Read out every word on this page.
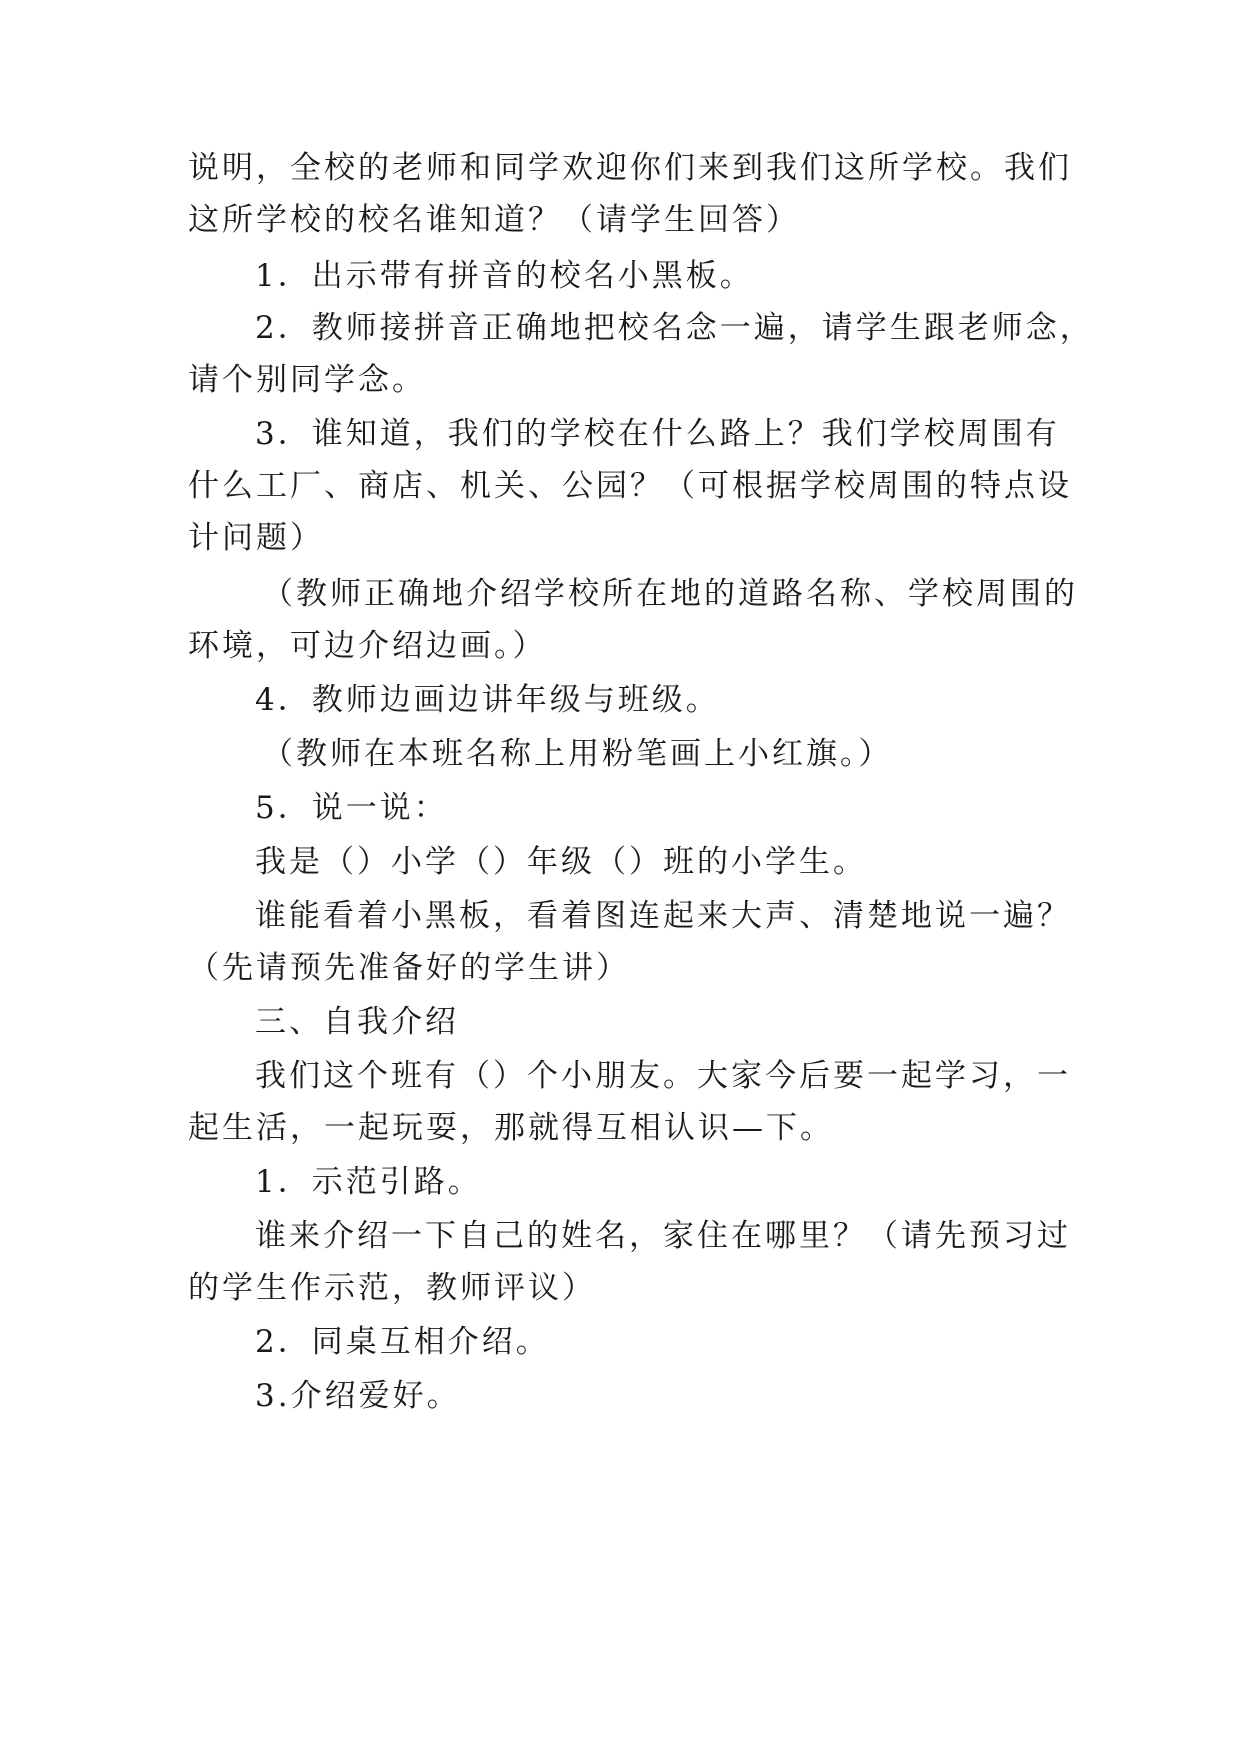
说明，全校的老师和同学欢迎你们来到我们这所学校。我们
这所学校的校名谁知道？（请学生回答）
1．出示带有拼音的校名小黑板。
2．教师接拼音正确地把校名念一遍，请学生跟老师念，
请个别同学念。
3．谁知道，我们的学校在什么路上？我们学校周围有
什么工厂、商店、机关、公园？（可根据学校周围的特点设
计问题）
（教师正确地介绍学校所在地的道路名称、学校周围的
环境，可边介绍边画。）
4．教师边画边讲年级与班级。
（教师在本班名称上用粉笔画上小红旗。）
5．说一说：
我是（）小学（）年级（）班的小学生。
谁能看着小黑板，看着图连起来大声、清楚地说一遍？
（先请预先准备好的学生讲）
三、自我介绍
我们这个班有（）个小朋友。大家今后要一起学习，一
起生活，一起玩耍，那就得互相认识—下。
1．示范引路。
谁来介绍一下自己的姓名，家住在哪里？（请先预习过
的学生作示范，教师评议）
2．同桌互相介绍。
3.介绍爱好。
